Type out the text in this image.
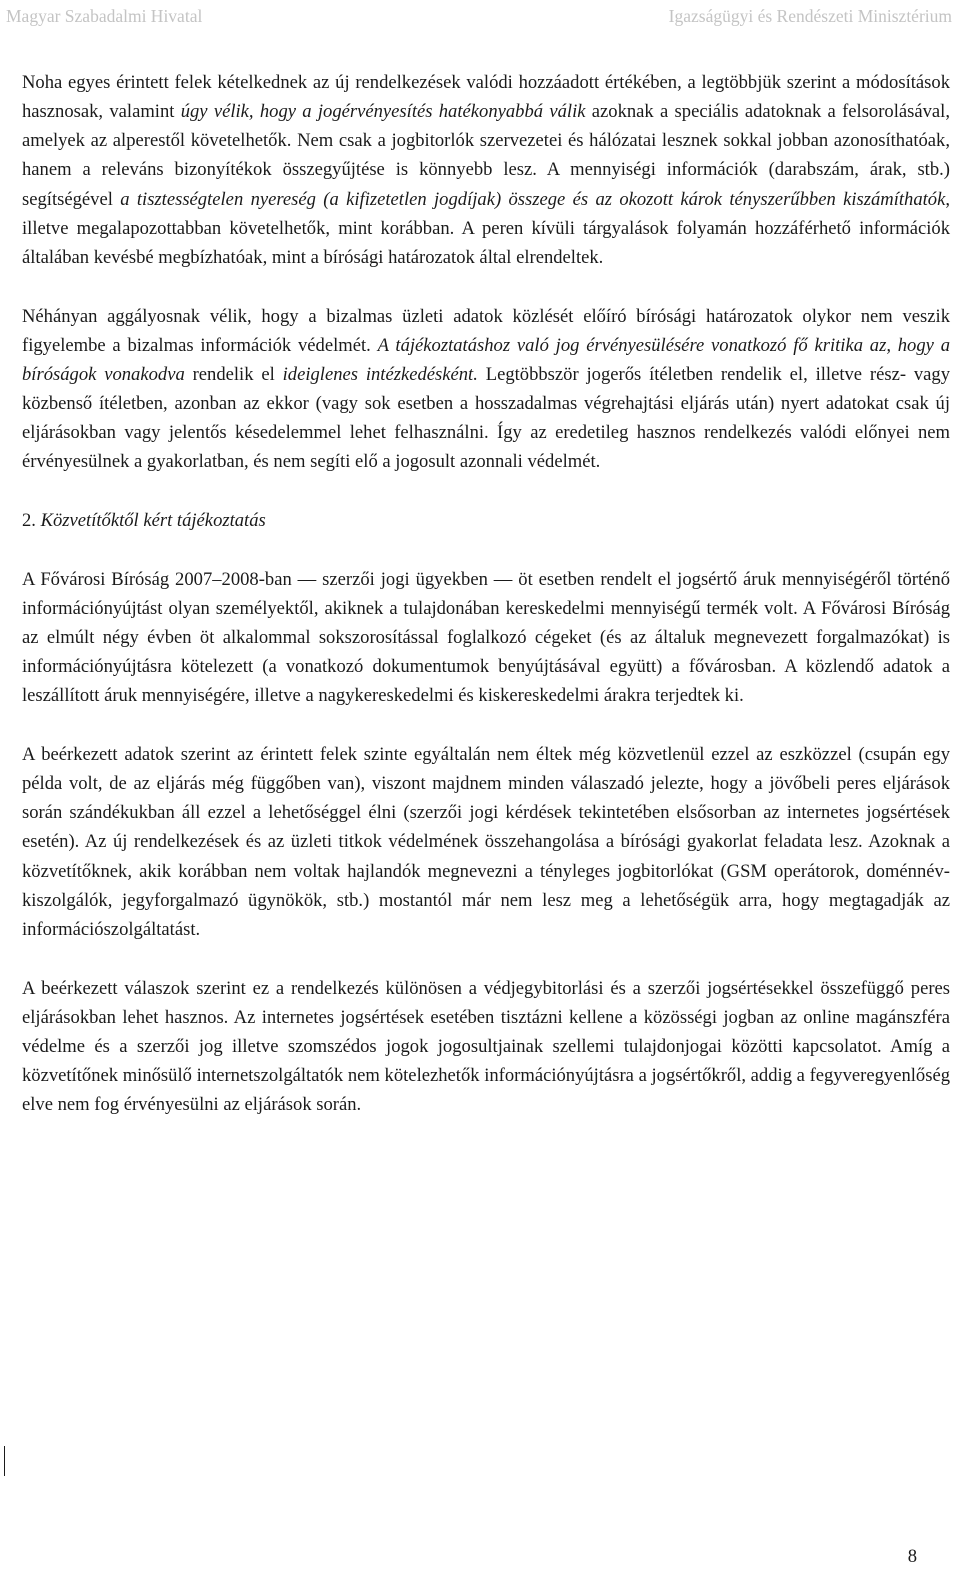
Magyar Szabadalmi Hivatal	Igazságügyi és Rendészeti Minisztérium

Noha egyes érintett felek kételkednek az új rendelkezések valódi hozzáadott értékében, a legtöbbjük szerint a módosítások hasznosak, valamint úgy vélik, hogy a jogérvényesítés hatékonyabbá válik azoknak a speciális adatoknak a felsorolásával, amelyek az alperestől követelhetők. Nem csak a jogbitorlók szervezetei és hálózatai lesznek sokkal jobban azonosíthatóak, hanem a releváns bizonyítékok összegyűjtése is könnyebb lesz. A mennyiségi információk (darabszám, árak, stb.) segítségével a tisztességtelen nyereség (a kifizetetlen jogdíjak) összege és az okozott károk tényszerűbben kiszámíthatók, illetve megalapozottabban követelhetők, mint korábban. A peren kívüli tárgyalások folyamán hozzáférhető információk általában kevésbé megbízhatóak, mint a bírósági határozatok által elrendeltek.

Néhányan aggályosnak vélik, hogy a bizalmas üzleti adatok közlését előíró bírósági határozatok olykor nem veszik figyelembe a bizalmas információk védelmét. A tájékoztatáshoz való jog érvényesülésére vonatkozó fő kritika az, hogy a bíróságok vonakodva rendelik el ideiglenes intézkedésként. Legtöbbször jogerős ítéletben rendelik el, illetve rész- vagy közbenső ítéletben, azonban az ekkor (vagy sok esetben a hosszadalmas végrehajtási eljárás után) nyert adatokat csak új eljárásokban vagy jelentős késedelemmel lehet felhasználni. Így az eredetileg hasznos rendelkezés valódi előnyei nem érvényesülnek a gyakorlatban, és nem segíti elő a jogosult azonnali védelmét.

2. Közvetítőktől kért tájékoztatás

A Fővárosi Bíróság 2007–2008-ban — szerzői jogi ügyekben — öt esetben rendelt el jogsértő áruk mennyiségéről történő információnyújtást olyan személyektől, akiknek a tulajdonában kereskedelmi mennyiségű termék volt. A Fővárosi Bíróság az elmúlt négy évben öt alkalommal sokszorosítással foglalkozó cégeket (és az általuk megnevezett forgalmazókat) is információnyújtásra kötelezett (a vonatkozó dokumentumok benyújtásával együtt) a fővárosban. A közlendő adatok a leszállított áruk mennyiségére, illetve a nagykereskedelmi és kiskereskedelmi árakra terjedtek ki.

A beérkezett adatok szerint az érintett felek szinte egyáltalán nem éltek még közvetlenül ezzel az eszközzel (csupán egy példa volt, de az eljárás még függőben van), viszont majdnem minden válaszadó jelezte, hogy a jövőbeli peres eljárások során szándékukban áll ezzel a lehetőséggel élni (szerzői jogi kérdések tekintetében elsősorban az internetes jogsértések esetén). Az új rendelkezések és az üzleti titkok védelmének összehangolása a bírósági gyakorlat feladata lesz. Azoknak a közvetítőknek, akik korábban nem voltak hajlandók megnevezni a tényleges jogbitorlókat (GSM operátorok, doménnév-kiszolgálók, jegyforgalmazó ügynökök, stb.) mostantól már nem lesz meg a lehetőségük arra, hogy megtagadják az információszolgáltatást.

A beérkezett válaszok szerint ez a rendelkezés különösen a védjegybitorlási és a szerzői jogsértésekkel összefüggő peres eljárásokban lehet hasznos. Az internetes jogsértések esetében tisztázni kellene a közösségi jogban az online magánszféra védelme és a szerzői jog illetve szomszédos jogok jogosultjainak szellemi tulajdonjogai közötti kapcsolatot. Amíg a közvetítőnek minősülő internetszolgáltatók nem kötelezhetők információnyújtásra a jogsértőkről, addig a fegyveregyenlőség elve nem fog érvényesülni az eljárások során.

8
